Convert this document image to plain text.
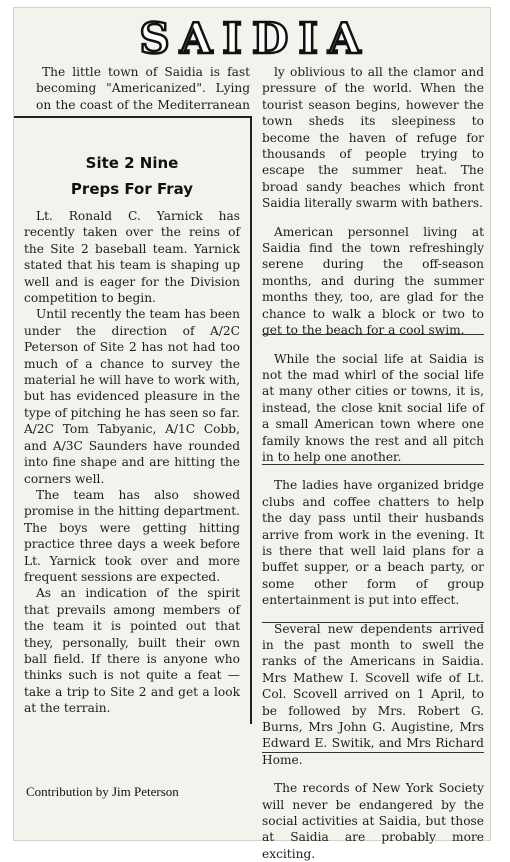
SAIDIA

The little town of Saidia is fast becoming "Americanized". Lying on the coast of the Mediterranean

ly oblivious to all the clamor and pressure of the world. When the tourist season begins, however the town sheds its sleepiness to become the haven of refuge for thousands of people trying to escape the summer heat. The broad sandy beaches which front Saidia literally swarm with bathers.

American personnel living at Saidia find the town refreshingly serene during the off-season months, and during the summer months they, too, are glad for the chance to walk a block or two to get to the beach for a cool swim.

While the social life at Saidia is not the mad whirl of the social life at many other cities or towns, it is, instead, the close knit social life of a small American town where one family knows the rest and all pitch in to help one another.

The ladies have organized bridge clubs and coffee chatters to help the day pass until their husbands arrive from work in the evening. It is there that well laid plans for a buffet supper, or a beach party, or some other form of group entertainment is put into effect.

Several new dependents arrived in the past month to swell the ranks of the Americans in Saidia. Mrs Mathew I. Scovell wife of Lt. Col. Scovell arrived on 1 April, to be followed by Mrs. Robert G. Burns, Mrs John G. Augistine, Mrs Edward E. Switik, and Mrs Richard Home.

The records of New York Society will never be endangered by the social activities at Saidia, but those at Saidia are probably more exciting.

Site 2 Nine
Preps For Fray

Lt. Ronald C. Yarnick has recently taken over the reins of the Site 2 baseball team. Yarnick stated that his team is shaping up well and is eager for the Division competition to begin.

Until recently the team has been under the direction of A/2C Peterson of Site 2 has not had too much of a chance to survey the material he will have to work with, but has evidenced pleasure in the type of pitching he has seen so far. A/2C Tom Tabyanic, A/1C Cobb, and A/3C Saunders have rounded into fine shape and are hitting the corners well.

The team has also showed promise in the hitting department. The boys were getting hitting practice three days a week before Lt. Yarnick took over and more frequent sessions are expected.

As an indication of the spirit that prevails among members of the team it is pointed out that they, personally, built their own ball field. If there is anyone who thinks such is not quite a feat — take a trip to Site 2 and get a look at the terrain.

Contribution by Jim Peterson
